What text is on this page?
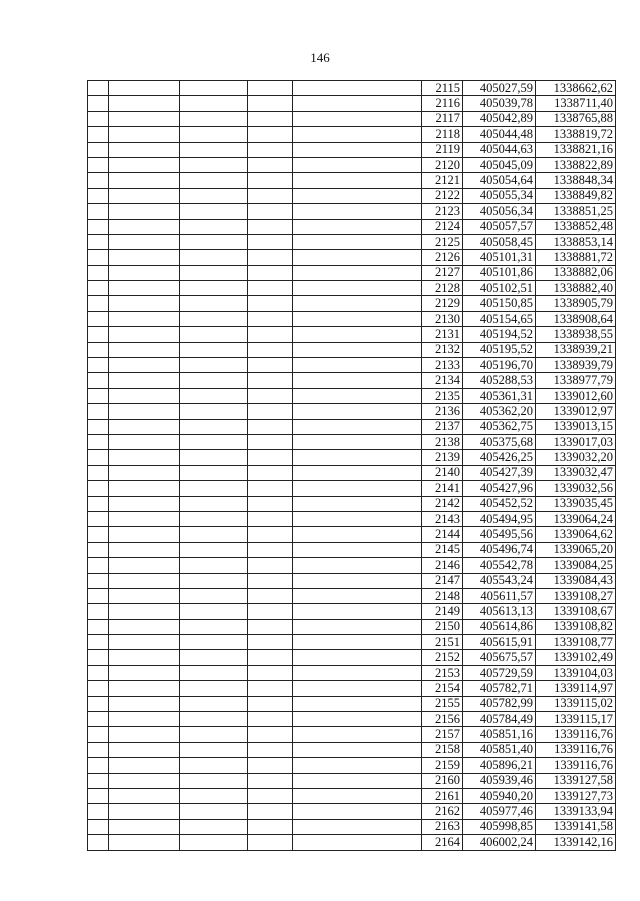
146
					2115	405027,59	1338662,62
					2116	405039,78	1338711,40
					2117	405042,89	1338765,88
					2118	405044,48	1338819,72
					2119	405044,63	1338821,16
					2120	405045,09	1338822,89
					2121	405054,64	1338848,34
					2122	405055,34	1338849,82
					2123	405056,34	1338851,25
					2124	405057,57	1338852,48
					2125	405058,45	1338853,14
					2126	405101,31	1338881,72
					2127	405101,86	1338882,06
					2128	405102,51	1338882,40
					2129	405150,85	1338905,79
					2130	405154,65	1338908,64
					2131	405194,52	1338938,55
					2132	405195,52	1338939,21
					2133	405196,70	1338939,79
					2134	405288,53	1338977,79
					2135	405361,31	1339012,60
					2136	405362,20	1339012,97
					2137	405362,75	1339013,15
					2138	405375,68	1339017,03
					2139	405426,25	1339032,20
					2140	405427,39	1339032,47
					2141	405427,96	1339032,56
					2142	405452,52	1339035,45
					2143	405494,95	1339064,24
					2144	405495,56	1339064,62
					2145	405496,74	1339065,20
					2146	405542,78	1339084,25
					2147	405543,24	1339084,43
					2148	405611,57	1339108,27
					2149	405613,13	1339108,67
					2150	405614,86	1339108,82
					2151	405615,91	1339108,77
					2152	405675,57	1339102,49
					2153	405729,59	1339104,03
					2154	405782,71	1339114,97
					2155	405782,99	1339115,02
					2156	405784,49	1339115,17
					2157	405851,16	1339116,76
					2158	405851,40	1339116,76
					2159	405896,21	1339116,76
					2160	405939,46	1339127,58
					2161	405940,20	1339127,73
					2162	405977,46	1339133,94
					2163	405998,85	1339141,58
					2164	406002,24	1339142,16
